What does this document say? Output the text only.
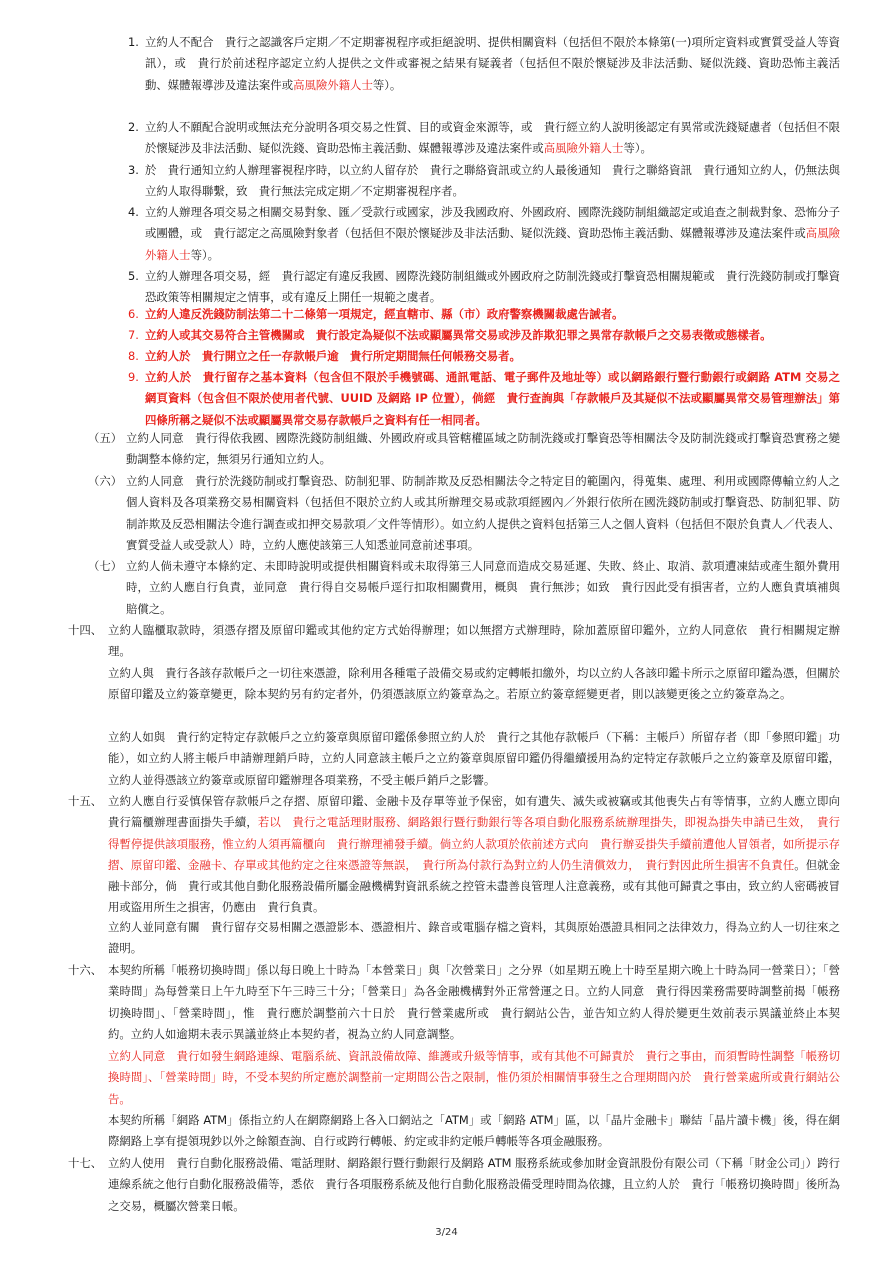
1. 立約人不配合　貴行之認識客戶定期／不定期審視程序或拒絕說明、提供相關資料（包括但不限於本條第(一)項所定資料或實質受益人等資訊），或　貴行於前述程序認定立約人提供之文件或審視之結果有疑義者（包括但不限於懷疑涉及非法活動、疑似洗錢、資助恐怖主義活動、媒體報導涉及違法案件或高風險外籍人士等）。

2. 立約人不願配合說明或無法充分說明各項交易之性質、目的或資金來源等，或　貴行經立約人說明後認定有異常或洗錢疑慮者（包括但不限於懷疑涉及非法活動、疑似洗錢、資助恐怖主義活動、媒體報導涉及違法案件或高風險外籍人士等）。

3. 於　貴行通知立約人辦理審視程序時，以立約人留存於　貴行之聯絡資訊或立約人最後通知　貴行之聯絡資訊　貴行通知立約人，仍無法與立約人取得聯繫，致　貴行無法完成定期／不定期審視程序者。

4. 立約人辦理各項交易之相關交易對象、匯／受款行或國家，涉及我國政府、外國政府、國際洗錢防制組織認定或追查之制裁對象、恐怖分子或團體，或　貴行認定之高風險對象者（包括但不限於懷疑涉及非法活動、疑似洗錢、資助恐怖主義活動、媒體報導涉及違法案件或高風險外籍人士等）。

5. 立約人辦理各項交易，經　貴行認定有違反我國、國際洗錢防制組織或外國政府之防制洗錢或打擊資恐相關規範或　貴行洗錢防制或打擊資恐政策等相關規定之情事，或有違反上開任一規範之虞者。

6. 立約人違反洗錢防制法第二十二條第一項規定，經直轄市、縣（市）政府警察機關裁處告誡者。

7. 立約人或其交易符合主管機關或　貴行設定為疑似不法或顯屬異常交易或涉及詐欺犯罪之異常存款帳戶之交易表徵或態樣者。

8. 立約人於　貴行開立之任一存款帳戶逾　貴行所定期間無任何帳務交易者。

9. 立約人於　貴行留存之基本資料（包含但不限於手機號碼、通訊電話、電子郵件及地址等）或以網路銀行暨行動銀行或網路 ATM 交易之網頁資料（包含但不限於使用者代號、UUID 及網路 IP 位置），倘經　貴行查詢與「存款帳戶及其疑似不法或顯屬異常交易管理辦法」第四條所稱之疑似不法或顯屬異常交易存款帳戶之資料有任一相同者。

（五） 立約人同意　貴行得依我國、國際洗錢防制組織、外國政府或具管轄權區域之防制洗錢或打擊資恐等相關法令及防制洗錢或打擊資恐實務之變動調整本條約定，無須另行通知立約人。

（六） 立約人同意　貴行於洗錢防制或打擊資恐、防制犯罪、防制詐欺及反恐相關法令之特定目的範圍內，得蒐集、處理、利用或國際傳輸立約人之個人資料及各項業務交易相關資料（包括但不限於立約人或其所辦理交易或款項經國內／外銀行依所在國洗錢防制或打擊資恐、防制犯罪、防制詐欺及反恐相關法令進行調查或扣押交易款項／文件等情形）。如立約人提供之資料包括第三人之個人資料（包括但不限於負責人／代表人、實質受益人或受款人）時，立約人應使該第三人知悉並同意前述事項。

（七） 立約人倘未遵守本條約定、未即時說明或提供相關資料或未取得第三人同意而造成交易延遲、失敗、終止、取消、款項遭凍結或產生額外費用時，立約人應自行負責，並同意　貴行得自交易帳戶逕行扣取相關費用，概與　貴行無涉；如致　貴行因此受有損害者，立約人應負責填補與賠償之。

十四、 立約人臨櫃取款時，須憑存摺及原留印鑑或其他約定方式始得辦理；如以無摺方式辦理時，除加蓋原留印鑑外，立約人同意依　貴行相關規定辦理。

立約人與　貴行各該存款帳戶之一切往來憑證，除利用各種電子設備交易或約定轉帳扣繳外，均以立約人各該印鑑卡所示之原留印鑑為憑，但關於原留印鑑及立約簽章變更，除本契約另有約定者外，仍須憑該原立約簽章為之。若原立約簽章經變更者，則以該變更後之立約簽章為之。

立約人如與　貴行約定特定存款帳戶之立約簽章與原留印鑑係參照立約人於　貴行之其他存款帳戶（下稱：主帳戶）所留存者（即「參照印鑑」功能），如立約人將主帳戶申請辦理銷戶時，立約人同意該主帳戶之立約簽章與原留印鑑仍得繼續援用為約定特定存款帳戶之立約簽章及原留印鑑，立約人並得憑該立約簽章或原留印鑑辦理各項業務，不受主帳戶銷戶之影響。

十五、 立約人應自行妥慎保管存款帳戶之存摺、原留印鑑、金融卡及存單等並予保密，如有遺失、滅失或被竊或其他喪失占有等情事，立約人應立即向　貴行篇櫃辦理書面掛失手續，若以　貴行之電話理財服務、網路銀行暨行動銀行等各項自動化服務系統辦理掛失，即視為掛失申請已生效，　貴行得暫停提供該項服務，惟立約人須再篇櫃向　貴行辦理補發手續。倘立約人款項於依前述方式向　貴行辦妥掛失手續前遭他人冒領者，如所提示存摺、原留印鑑、金融卡、存單或其他約定之往來憑證等無誤，　貴行所為付款行為對立約人仍生清償效力，　貴行對因此所生損害不負責任。但就金融卡部分，倘　貴行或其他自動化服務設備所屬金融機構對資訊系統之控管未盡善良管理人注意義務，或有其他可歸責之事由，致立約人密碼被冒用或盜用所生之損害，仍應由　貴行負責。

立約人並同意有關　貴行留存交易相關之憑證影本、憑證相片、錄音或電腦存檔之資料，其與原始憑證具相同之法律效力，得為立約人一切往來之證明。

十六、 本契約所稱「帳務切換時間」係以每日晚上十時為「本營業日」與「次營業日」之分界（如星期五晚上十時至星期六晚上十時為同一營業日）；「營業時間」為每營業日上午九時至下午三時三十分；「營業日」為各金融機構對外正常營運之日。立約人同意　貴行得因業務需要時調整前揭「帳務切換時間」、「營業時間」，惟　貴行應於調整前六十日於　貴行營業處所或　貴行網站公告，並告知立約人得於變更生效前表示異議並終止本契約。立約人如逾期未表示異議並終止本契約者，視為立約人同意調整。

立約人同意　貴行如發生網路連線、電腦系統、資訊設備故障、維護或升級等情事，或有其他不可歸責於　貴行之事由，而須暫時性調整「帳務切換時間」、「營業時間」時，不受本契約所定應於調整前一定期間公告之限制，惟仍須於相關情事發生之合理期間內於　貴行營業處所或貴行網站公告。

本契約所稱「網路 ATM」係指立約人在網際網路上各入口網站之「ATM」或「網路 ATM」區，以「晶片金融卡」聯結「晶片讀卡機」後，得在網際網路上享有提領現鈔以外之餘額查詢、自行或跨行轉帳、約定或非約定帳戶轉帳等各項金融服務。

十七、 立約人使用　貴行自動化服務設備、電話理財、網路銀行暨行動銀行及網路 ATM 服務系統或參加財金資訊股份有限公司（下稱「財金公司」）跨行連線系統之他行自動化服務設備等，悉依　貴行各項服務系統及他行自動化服務設備受理時間為依據，且立約人於　貴行「帳務切換時間」後所為之交易，概屬次營業日帳。

3/24
